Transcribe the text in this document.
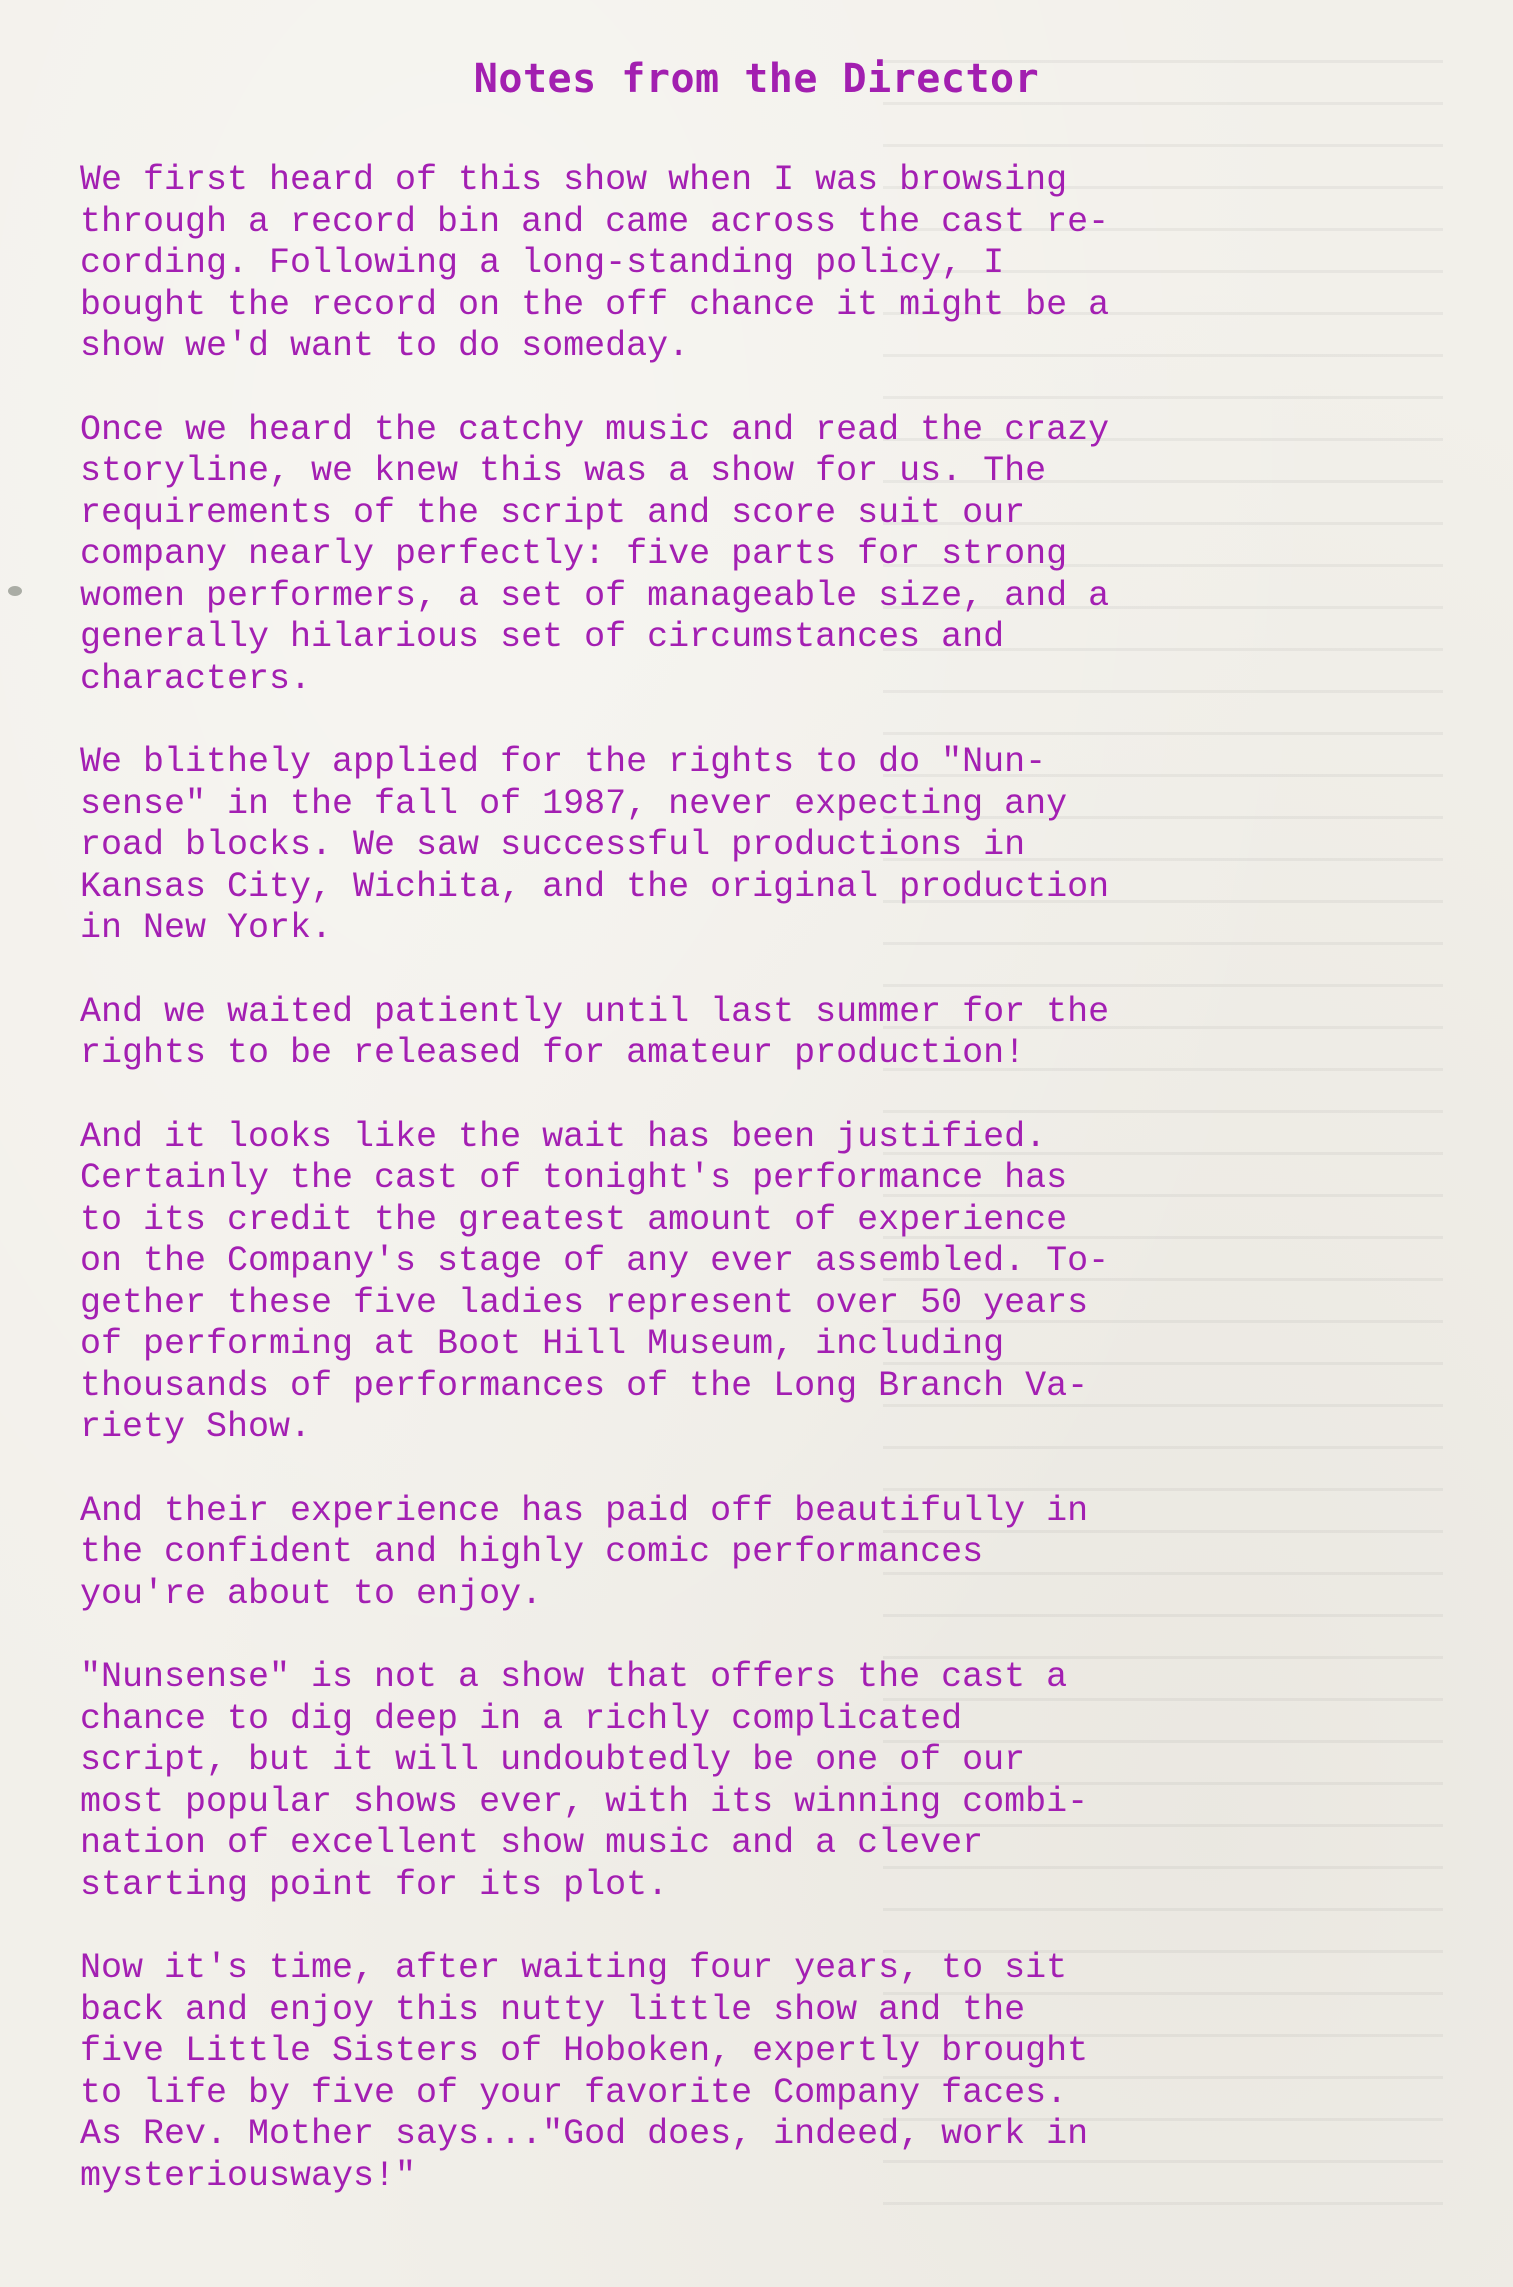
Notes from the Director

We first heard of this show when I was browsing
through a record bin and came across the cast re-
cording. Following a long-standing policy, I
bought the record on the off chance it might be a
show we'd want to do someday.

Once we heard the catchy music and read the crazy
storyline, we knew this was a show for us. The
requirements of the script and score suit our
company nearly perfectly: five parts for strong
women performers, a set of manageable size, and a
generally hilarious set of circumstances and
characters.

We blithely applied for the rights to do "Nun-
sense" in the fall of 1987, never expecting any
road blocks. We saw successful productions in
Kansas City, Wichita, and the original production
in New York.

And we waited patiently until last summer for the
rights to be released for amateur production!

And it looks like the wait has been justified.
Certainly the cast of tonight's performance has
to its credit the greatest amount of experience
on the Company's stage of any ever assembled. To-
gether these five ladies represent over 50 years
of performing at Boot Hill Museum, including
thousands of performances of the Long Branch Va-
riety Show.

And their experience has paid off beautifully in
the confident and highly comic performances
you're about to enjoy.

"Nunsense" is not a show that offers the cast a
chance to dig deep in a richly complicated
script, but it will undoubtedly be one of our
most popular shows ever, with its winning combi-
nation of excellent show music and a clever
starting point for its plot.

Now it's time, after waiting four years, to sit
back and enjoy this nutty little show and the
five Little Sisters of Hoboken, expertly brought
to life by five of your favorite Company faces.
As Rev. Mother says..."God does, indeed, work in
mysteriousways!"
